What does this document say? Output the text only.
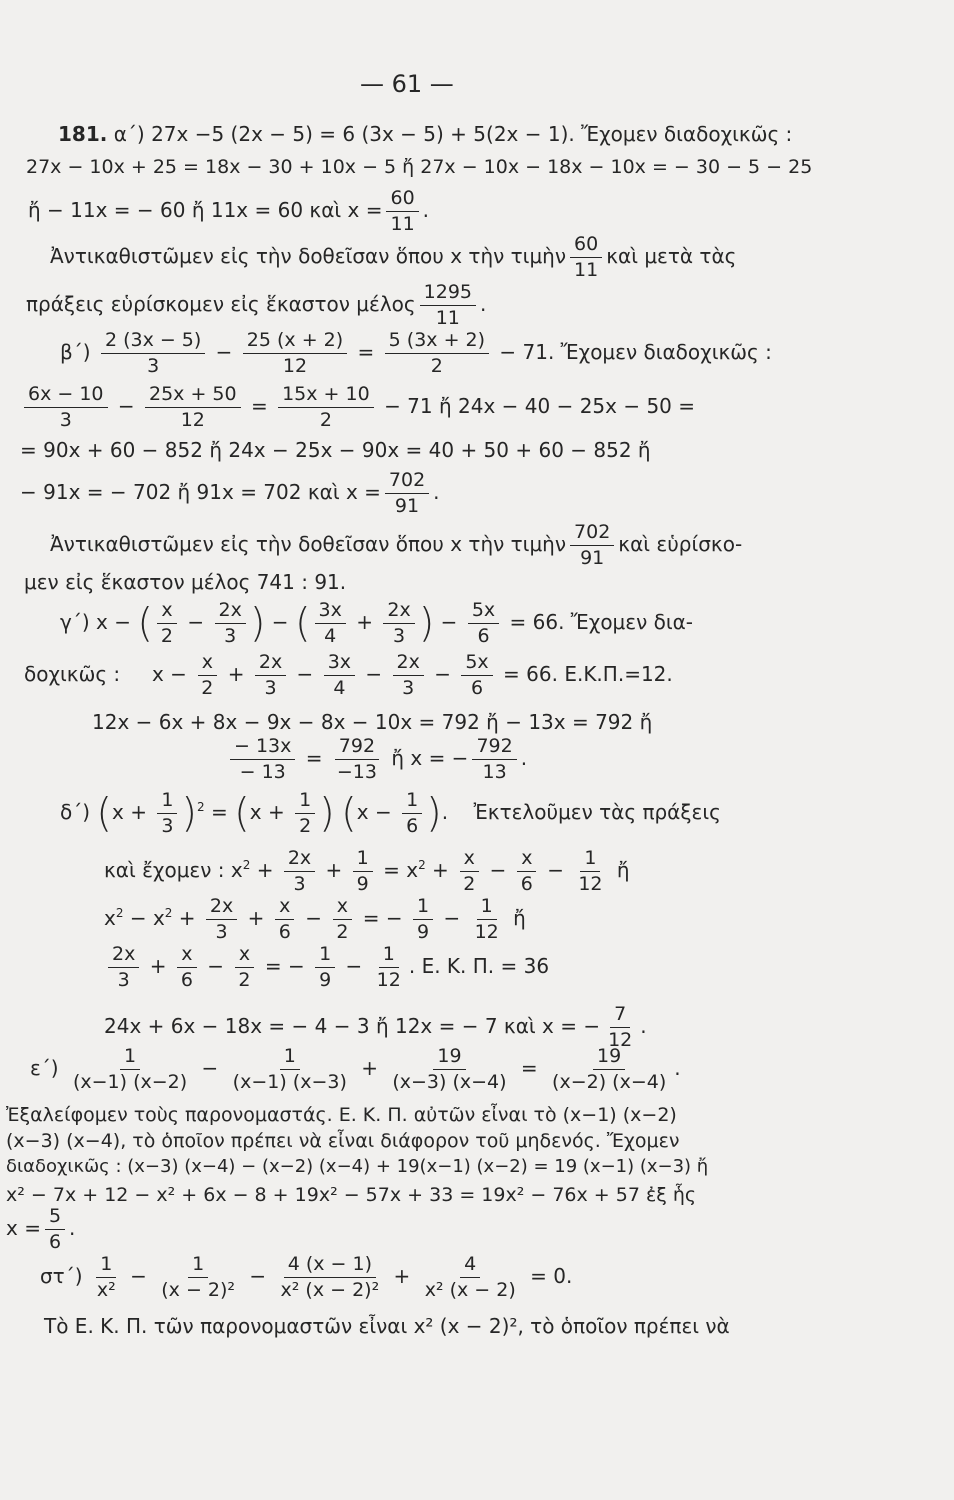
— 61 —
181. α΄) 27x −5 (2x − 5) = 6 (3x − 5) + 5(2x − 1). Ἔχομεν διαδοχικῶς :
27x − 10x + 25 = 18x − 30 + 10x − 5 ἤ 27x − 10x − 18x − 10x = − 30 − 5 − 25
ἤ − 11x = − 60 ἤ 11x = 60 καὶ $x = \frac{60}{11}$ .
Ἀντικαθιστῶμεν εἰς τὴν δοθεῖσαν ὅπου x τὴν τιμὴν $\frac{60}{11}$ καὶ μετὰ τὰς
πράξεις εὑρίσκομεν εἰς ἕκαστον μέλος $\frac{1295}{11}$ .
$\beta΄) \frac{2 (3x - 5)}{3} - \frac{25 (x + 2)}{12} = \frac{5 (3x + 2)}{2} - 71$. Ἔχομεν διαδοχικῶς :
$\frac{6x - 10}{3} - \frac{25x + 50}{12} = \frac{15x + 10}{2} - 71$ ἤ 24x − 40 − 25x − 50 =
= 90x + 60 − 852 ἤ 24x − 25x − 90x = 40 + 50 + 60 − 852 ἤ
− 91x = − 702 ἤ 91x = 702 καὶ $x = \frac{702}{91}$ .
Ἀντικαθιστῶμεν εἰς τὴν δοθεῖσαν ὅπου x τὴν τιμὴν $\frac{702}{91}$ καὶ εὑρίσκο-
μεν εἰς ἕκαστον μέλος 741 : 91.
γ΄) x − ( $\frac{x}{2} - \frac{2x}{3}$ ) − ( $\frac{3x}{4} + \frac{2x}{3}$ ) − $\frac{5x}{6} = 66$. Ἔχομεν δια-
δοχικῶς :     $x - \frac{x}{2} + \frac{2x}{3} - \frac{3x}{4} - \frac{2x}{3} - \frac{5x}{6} = 66$. Ε.Κ.Π.=12.
12x − 6x + 8x − 9x − 8x − 10x = 792 ἤ − 13x = 792 ἤ
$\frac{- 13x}{- 13} = \frac{792}{-13}$ ἤ x = − $\frac{792}{13}$ .
δ΄) $(x + \frac{1}{3} )^2 = (x + \frac{1}{2}$ ) ($x - \frac{1}{6}$ ).    Ἐκτελοῦμεν τὰς πράξεις
καὶ ἔχομεν : $x^2 + \frac{2x}{3} + \frac{1}{9} = x^2 + \frac{x}{2} - \frac{x}{6} - \frac{1}{12}$ ἤ
$x^2 - x^2 + \frac{2x}{3} + \frac{x}{6} - \frac{x}{2}$ = − $\frac{1}{9} - \frac{1}{12}$ ἤ
$\frac{2x}{3} + \frac{x}{6} - \frac{x}{2}$ = − $\frac{1}{9} - \frac{1}{12}$ . Ε. Κ. Π. = 36
24x + 6x − 18x = − 4 − 3 ἤ 12x = − 7 καὶ x = − $\frac{7}{12}$ .
$\varepsilon΄) \frac{1}{(x-1) (x-2)} - \frac{1}{(x-1) (x-3)} + \frac{19}{(x-3) (x-4)} = \frac{19}{(x-2) (x-4)}$ .
Ἐξαλείφομεν τοὺς παρονομαστάς. Ε. Κ. Π. αὐτῶν εἶναι τὸ (x−1) (x−2)
(x−3) (x−4), τὸ ὁποῖον πρέπει νὰ εἶναι διάφορον τοῦ μηδενός. Ἔχομεν
διαδοχικῶς : (x−3) (x−4) − (x−2) (x−4) + 19(x−1) (x−2) = 19 (x−1) (x−3) ἤ
x² − 7x + 12 − x² + 6x − 8 + 19x² − 57x + 33 = 19x² − 76x + 57 ἐξ ἧς
$x = \frac{5}{6}$ .
$\sigma\tau΄) \frac{1}{\text{x²}} - \frac{1}{\text{(x − 2)²}} - \frac{4 (x - 1)}{\text{x² (x − 2)²}} + \frac{4}{\text{x² (x − 2)}} = 0$.
Τὸ Ε. Κ. Π. τῶν παρονομαστῶν εἶναι x² (x − 2)², τὸ ὁποῖον πρέπει νὰ
